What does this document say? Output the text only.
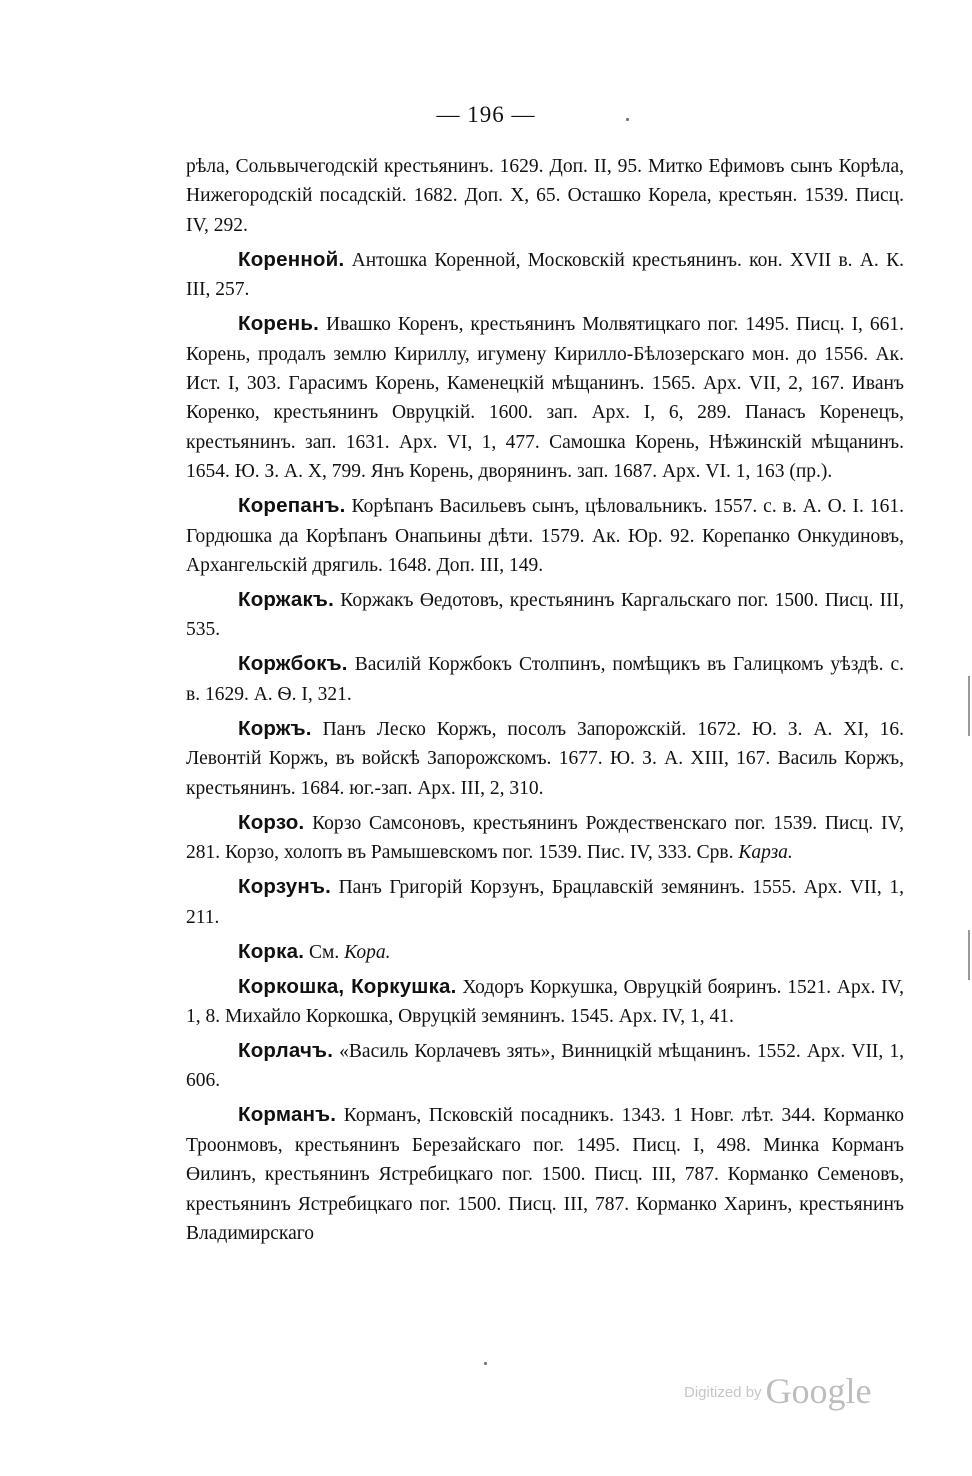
— 196 —

рѣла, Сольвычегодскій крестьянинъ. 1629. Доп. II, 95. Митко Ефимовъ сынъ Корѣла, Нижегородскій посадскій. 1682. Доп. X, 65. Осташко Корела, крестьян. 1539. Писц. IV, 292.

Коренной. Антошка Коренной, Московскій крестьянинъ. кон. XVII в. А. К. III, 257.

Корень. Ивашко Коренъ, крестьянинъ Молвятицкаго пог. 1495. Писц. I, 661. Корень, продалъ землю Кириллу, игумену Кирилло-Бѣлозерскаго мон. до 1556. Ак. Ист. I, 303. Гарасимъ Корень, Каменецкій мѣщанинъ. 1565. Арх. VII, 2, 167. Иванъ Коренко, крестьянинъ Овруцкій. 1600. зап. Арх. I, 6, 289. Панасъ Коренецъ, крестьянинъ. зап. 1631. Арх. VI, 1, 477. Самошка Корень, Нѣжинскій мѣщанинъ. 1654. Ю. З. А. X, 799. Янъ Корень, дворянинъ. зап. 1687. Арх. VI. 1, 163 (пр.).

Корепанъ. Корѣпанъ Васильевъ сынъ, цѣловальникъ. 1557. с. в. А. О. I. 161. Гордюшка да Корѣпанъ Онапьины дѣти. 1579. Ак. Юр. 92. Корепанко Онкудиновъ, Архангельскій дрягиль. 1648. Доп. III, 149.

Коржакъ. Коржакъ Өедотовъ, крестьянинъ Каргальскаго пог. 1500. Писц. III, 535.

Коржбокъ. Василій Коржбокъ Столпинъ, помѣщикъ въ Галицкомъ уѣздѣ. с. в. 1629. А. Ѳ. I, 321.

Коржъ. Панъ Леско Коржъ, посолъ Запорожскій. 1672. Ю. З. А. XI, 16. Левонтій Коржъ, въ войскѣ Запорожскомъ. 1677. Ю. З. А. XIII, 167. Василь Коржъ, крестьянинъ. 1684. юг.-зап. Арх. III, 2, 310.

Корзо. Корзо Самсоновъ, крестьянинъ Рождественскаго пог. 1539. Писц. IV, 281. Корзо, холопъ въ Рамышевскомъ пог. 1539. Пис. IV, 333. Срв. Карза.

Корзунъ. Панъ Григорій Корзунъ, Брацлавскій земянинъ. 1555. Арх. VII, 1, 211.

Корка. См. Кора.

Коркошка, Коркушка. Ходоръ Коркушка, Овруцкій бояринъ. 1521. Арх. IV, 1, 8. Михайло Коркошка, Овруцкій земянинъ. 1545. Арх. IV, 1, 41.

Корлачъ. «Василь Корлачевъ зять», Винницкій мѣщанинъ. 1552. Арх. VII, 1, 606.

Корманъ. Корманъ, Псковскій посадникъ. 1343. 1 Новг. лѣт. 344. Корманко Троонмовъ, крестьянинъ Березайскаго пог. 1495. Писц. I, 498. Минка Корманъ Өилинъ, крестьянинъ Ястребицкаго пог. 1500. Писц. III, 787. Корманко Семеновъ, крестьянинъ Ястребицкаго пог. 1500. Писц. III, 787. Корманко Харинъ, крестьянинъ Владимирскаго

Digitized by Google
